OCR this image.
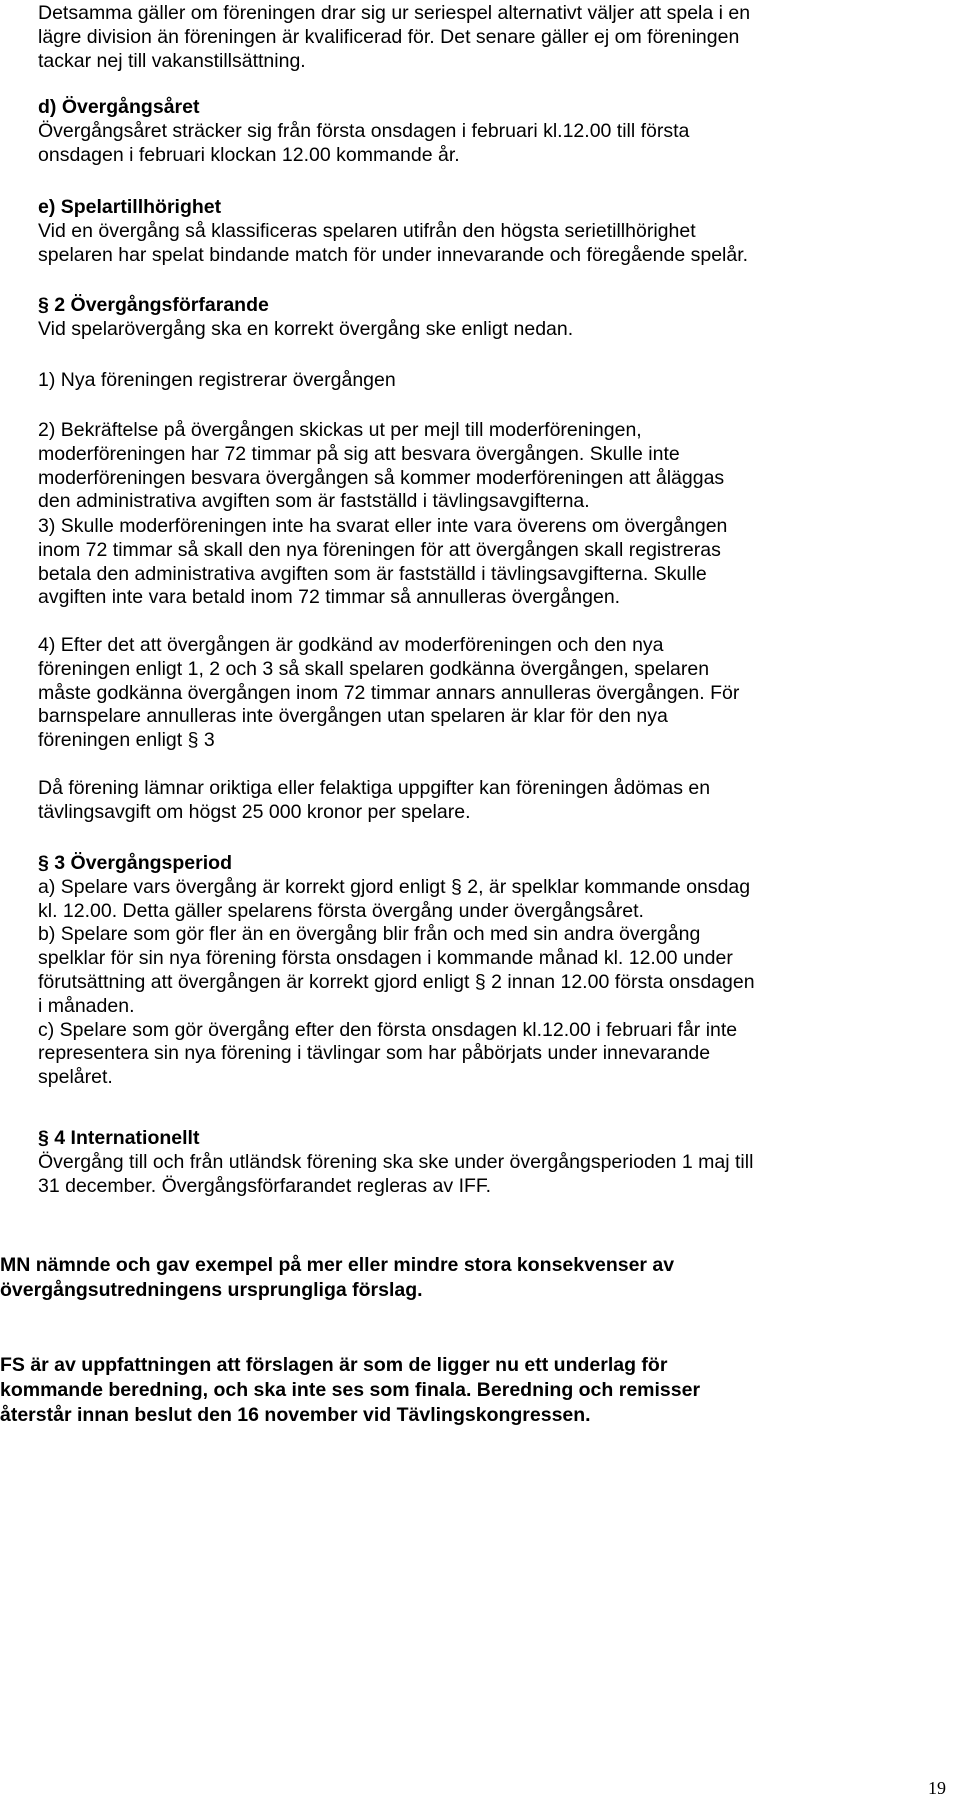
Detsamma gäller om föreningen drar sig ur seriespel alternativt väljer att spela i en
lägre division än föreningen är kvalificerad för. Det senare gäller ej om föreningen
tackar nej till vakanstillsättning.
d) Övergångsåret
Övergångsåret sträcker sig från första onsdagen i februari kl.12.00 till första
onsdagen i februari klockan 12.00 kommande år.
e) Spelartillhörighet
Vid en övergång så klassificeras spelaren utifrån den högsta serietillhörighet
spelaren har spelat bindande match för under innevarande och föregående spelår.
§ 2 Övergångsförfarande
Vid spelarövergång ska en korrekt övergång ske enligt nedan.
1) Nya föreningen registrerar övergången
2) Bekräftelse på övergången skickas ut per mejl till moderföreningen,
moderföreningen har 72 timmar på sig att besvara övergången. Skulle inte
moderföreningen besvara övergången så kommer moderföreningen att åläggas
den administrativa avgiften som är fastställd i tävlingsavgifterna.
3) Skulle moderföreningen inte ha svarat eller inte vara överens om övergången
inom 72 timmar så skall den nya föreningen för att övergången skall registreras
betala den administrativa avgiften som är fastställd i tävlingsavgifterna. Skulle
avgiften inte vara betald inom 72 timmar så annulleras övergången.
4) Efter det att övergången är godkänd av moderföreningen och den nya
föreningen enligt 1, 2 och 3 så skall spelaren godkänna övergången, spelaren
måste godkänna övergången inom 72 timmar annars annulleras övergången. För
barnspelare annulleras inte övergången utan spelaren är klar för den nya
föreningen enligt § 3
Då förening lämnar oriktiga eller felaktiga uppgifter kan föreningen ådömas en
tävlingsavgift om högst 25 000 kronor per spelare.
§ 3 Övergångsperiod
a) Spelare vars övergång är korrekt gjord enligt § 2, är spelklar kommande onsdag
kl. 12.00. Detta gäller spelarens första övergång under övergångsåret.
b) Spelare som gör fler än en övergång blir från och med sin andra övergång
spelklar för sin nya förening första onsdagen i kommande månad kl. 12.00 under
förutsättning att övergången är korrekt gjord enligt § 2 innan 12.00 första onsdagen
i månaden.
c) Spelare som gör övergång efter den första onsdagen kl.12.00 i februari får inte
representera sin nya förening i tävlingar som har påbörjats under innevarande
spelåret.
§ 4 Internationellt
Övergång till och från utländsk förening ska ske under övergångsperioden 1 maj till
31 december. Övergångsförfarandet regleras av IFF.
MN nämnde och gav exempel på mer eller mindre stora konsekvenser av
övergångsutredningens ursprungliga förslag.
FS är av uppfattningen att förslagen är som de ligger nu ett underlag för
kommande beredning, och ska inte ses som finala. Beredning och remisser
återstår innan beslut den 16 november vid Tävlingskongressen.
19
